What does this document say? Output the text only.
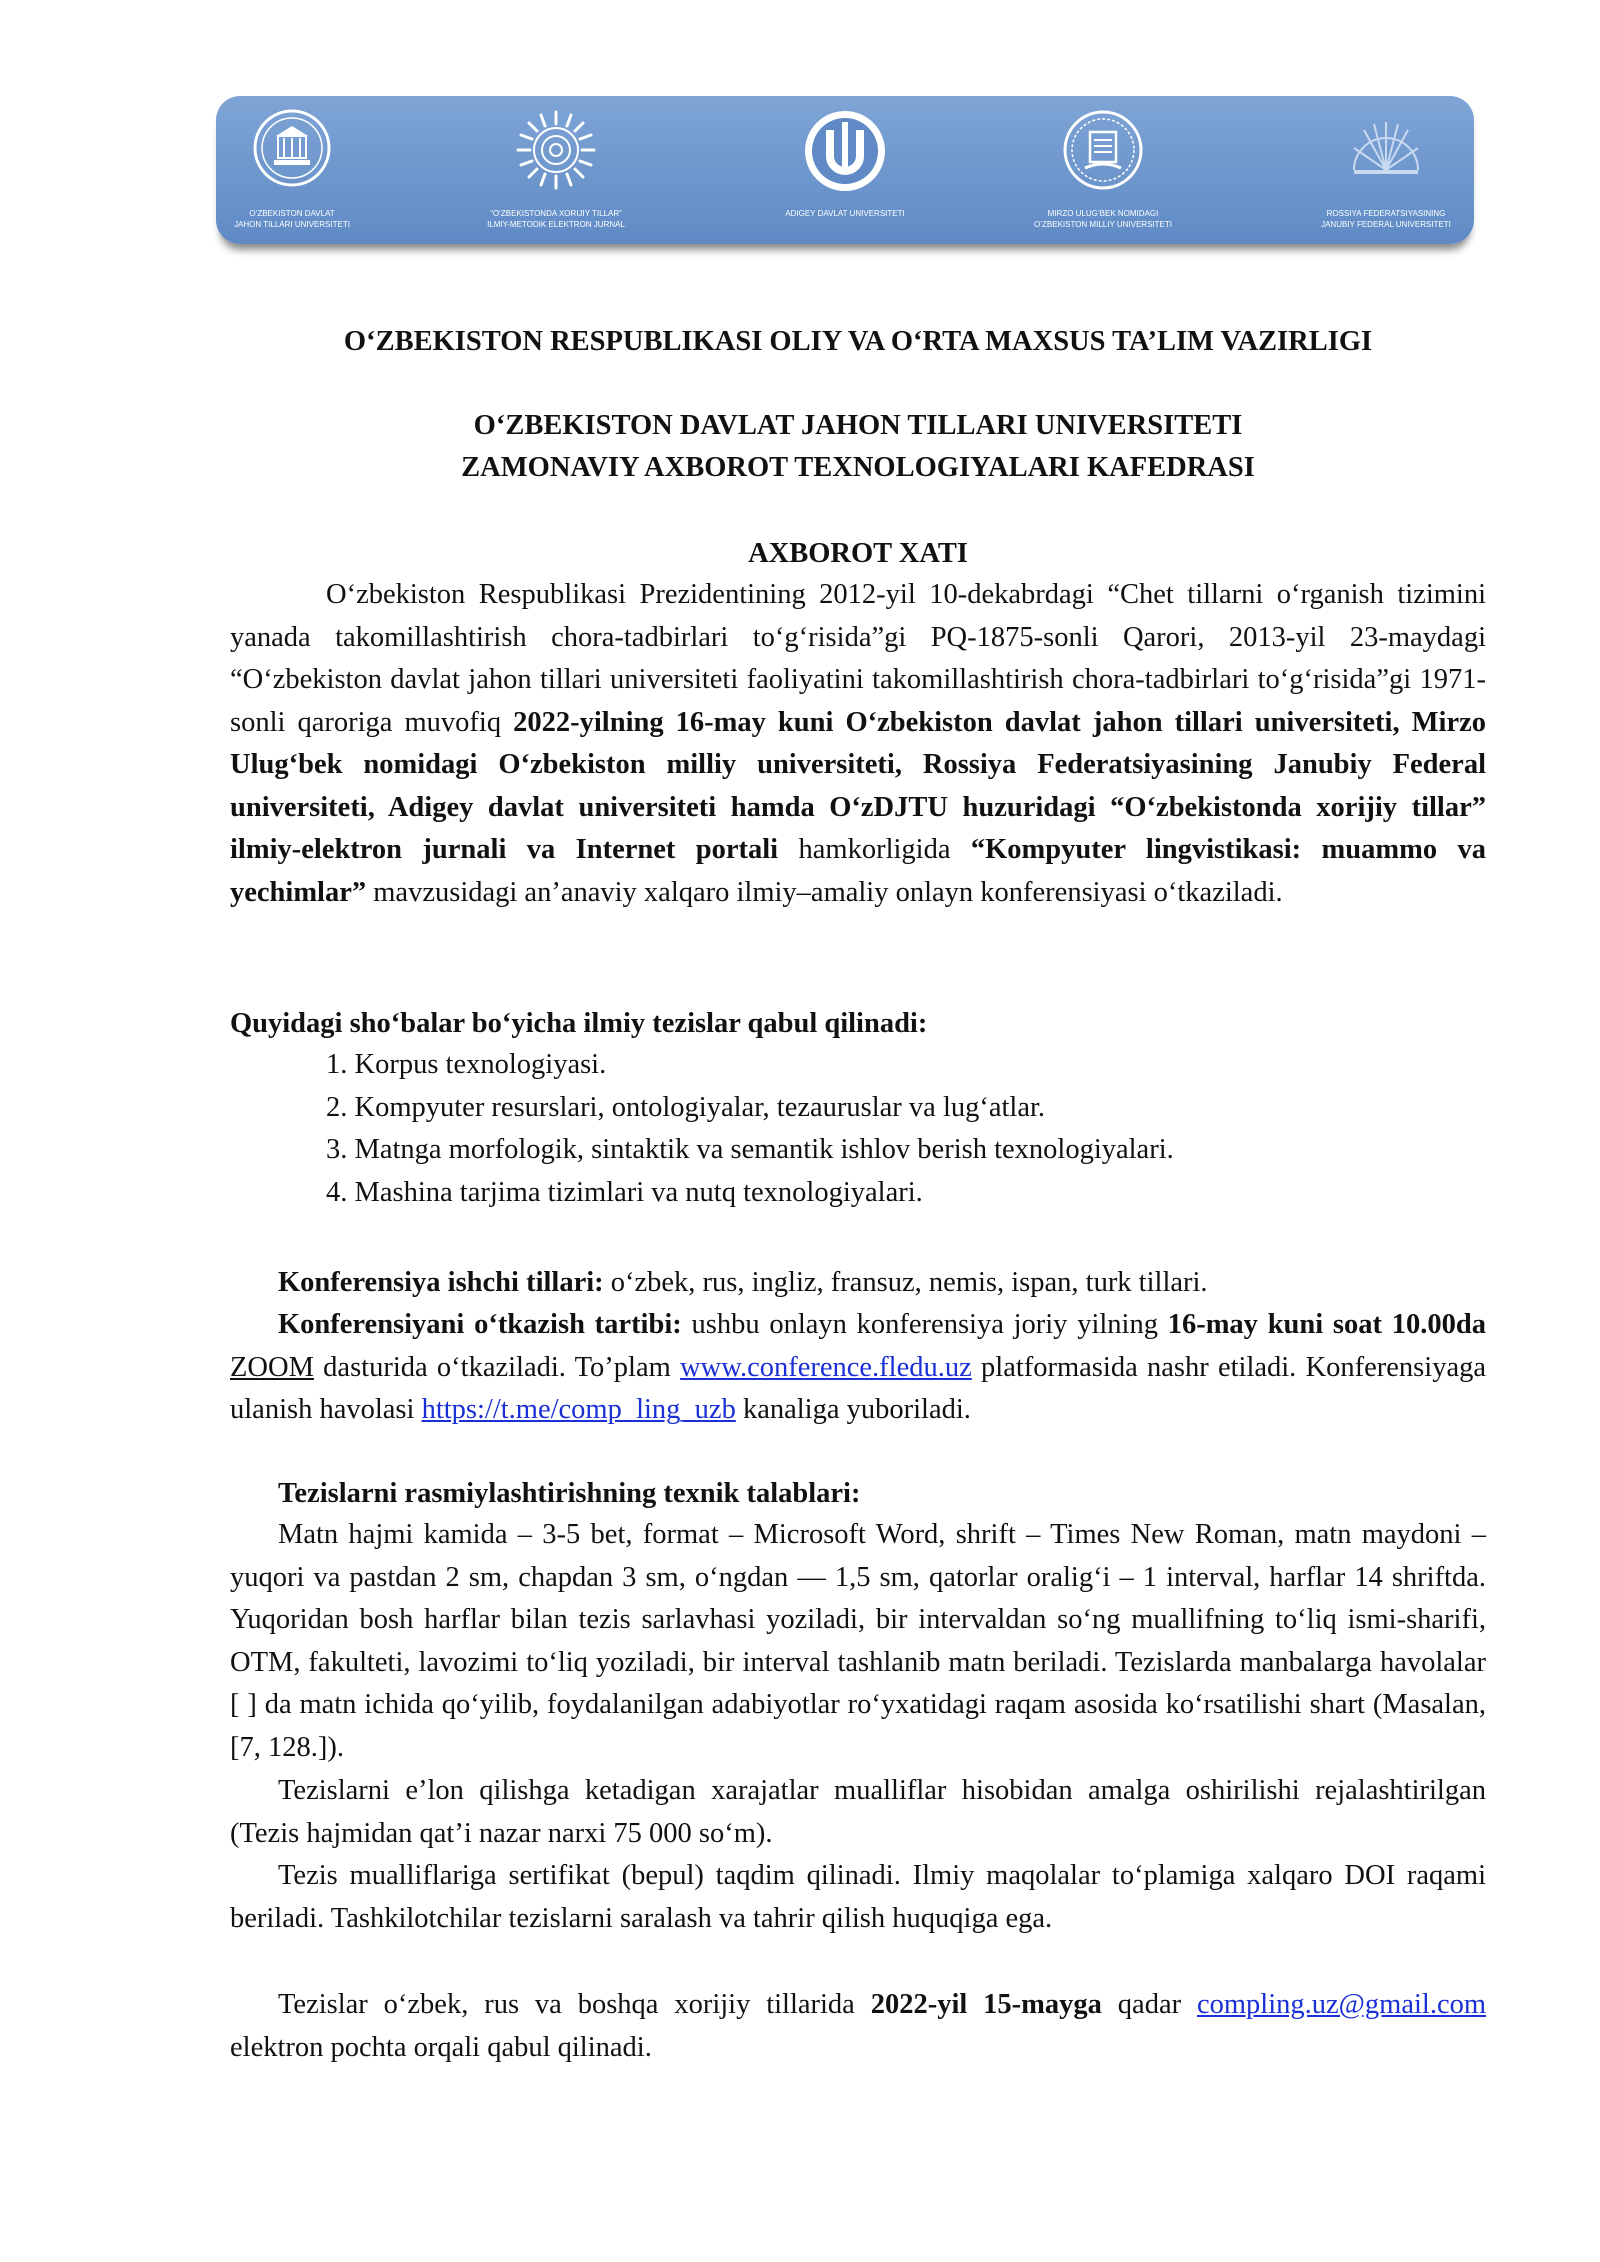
O‘ZBEKISTON DAVLAT
JAHON TILLARI UNIVERSITETI
“O‘ZBEKISTONDA XORIJIY TILLAR”
ILMIY-METODIK ELEKTRON JURNAL
ADIGEY DAVLAT UNIVERSITETI	MIRZO ULUG‘BEK NOMIDAGI
O‘ZBEKISTON MILLIY UNIVERSITETI
ROSSIYA FEDERATSIYASINING
JANUBIY FEDERAL UNIVERSITETI
O‘ZBEKISTON RESPUBLIKASI OLIY VA O‘RTA MAXSUS TA’LIM VAZIRLIGI
O‘ZBEKISTON DAVLAT JAHON TILLARI UNIVERSITETI
ZAMONAVIY AXBOROT TEXNOLOGIYALARI KAFEDRASI
AXBOROT XATI
O‘zbekiston Respublikasi Prezidentining 2012-yil 10-dekabrdagi “Chet tillarni o‘rganish tizimini yanada takomillashtirish chora-tadbirlari to‘g‘risida”gi PQ-1875-sonli Qarori, 2013-yil 23-maydagi “O‘zbekiston davlat jahon tillari universiteti faoliyatini takomillashtirish chora-tadbirlari to‘g‘risida”gi 1971-sonli qaroriga muvofiq 2022-yilning 16-may kuni O‘zbekiston davlat jahon tillari universiteti, Mirzo Ulug‘bek nomidagi O‘zbekiston milliy universiteti, Rossiya Federatsiyasining Janubiy Federal universiteti, Adigey davlat universiteti hamda O‘zDJTU huzuridagi “O‘zbekistonda xorijiy tillar” ilmiy-elektron jurnali va Internet portali hamkorligida “Kompyuter lingvistikasi: muammo va yechimlar” mavzusidagi an’anaviy xalqaro ilmiy–amaliy onlayn konferensiyasi o‘tkaziladi.
Quyidagi sho‘balar bo‘yicha ilmiy tezislar qabul qilinadi:
1. Korpus texnologiyasi.
2. Kompyuter resurslari, ontologiyalar, tezauruslar va lug‘atlar.
3. Matnga morfologik, sintaktik va semantik ishlov berish texnologiyalari.
4. Mashina tarjima tizimlari va nutq texnologiyalari.
Konferensiya ishchi tillari: o‘zbek, rus, ingliz, fransuz, nemis, ispan, turk tillari.
Konferensiyani o‘tkazish tartibi: ushbu onlayn konferensiya joriy yilning 16-may kuni soat 10.00da ZOOM dasturida o‘tkaziladi. To’plam www.conference.fledu.uz platformasida nashr etiladi. Konferensiyaga ulanish havolasi https://t.me/comp_ling_uzb kanaliga yuboriladi.
Tezislarni rasmiylashtirishning texnik talablari:
Matn hajmi kamida – 3-5 bet, format – Microsoft Word, shrift – Times New Roman, matn maydoni – yuqori va pastdan 2 sm, chapdan 3 sm, o‘ngdan — 1,5 sm, qatorlar oralig‘i – 1 interval, harflar 14 shriftda. Yuqoridan bosh harflar bilan tezis sarlavhasi yoziladi, bir intervaldan so‘ng muallifning to‘liq ismi-sharifi, OTM, fakulteti, lavozimi to‘liq yoziladi, bir interval tashlanib matn beriladi. Tezislarda manbalarga havolalar [ ] da matn ichida qo‘yilib, foydalanilgan adabiyotlar ro‘yxatidagi raqam asosida ko‘rsatilishi shart (Masalan, [7, 128.]).
Tezislarni e’lon qilishga ketadigan xarajatlar mualliflar hisobidan amalga oshirilishi rejalashtirilgan (Tezis hajmidan qat’i nazar narxi 75 000 so‘m).
Tezis mualliflariga sertifikat (bepul) taqdim qilinadi. Ilmiy maqolalar to‘plamiga xalqaro DOI raqami beriladi. Tashkilotchilar tezislarni saralash va tahrir qilish huquqiga ega.
Tezislar o‘zbek, rus va boshqa xorijiy tillarida 2022-yil 15-mayga qadar compling.uz@gmail.com elektron pochta orqali qabul qilinadi.
